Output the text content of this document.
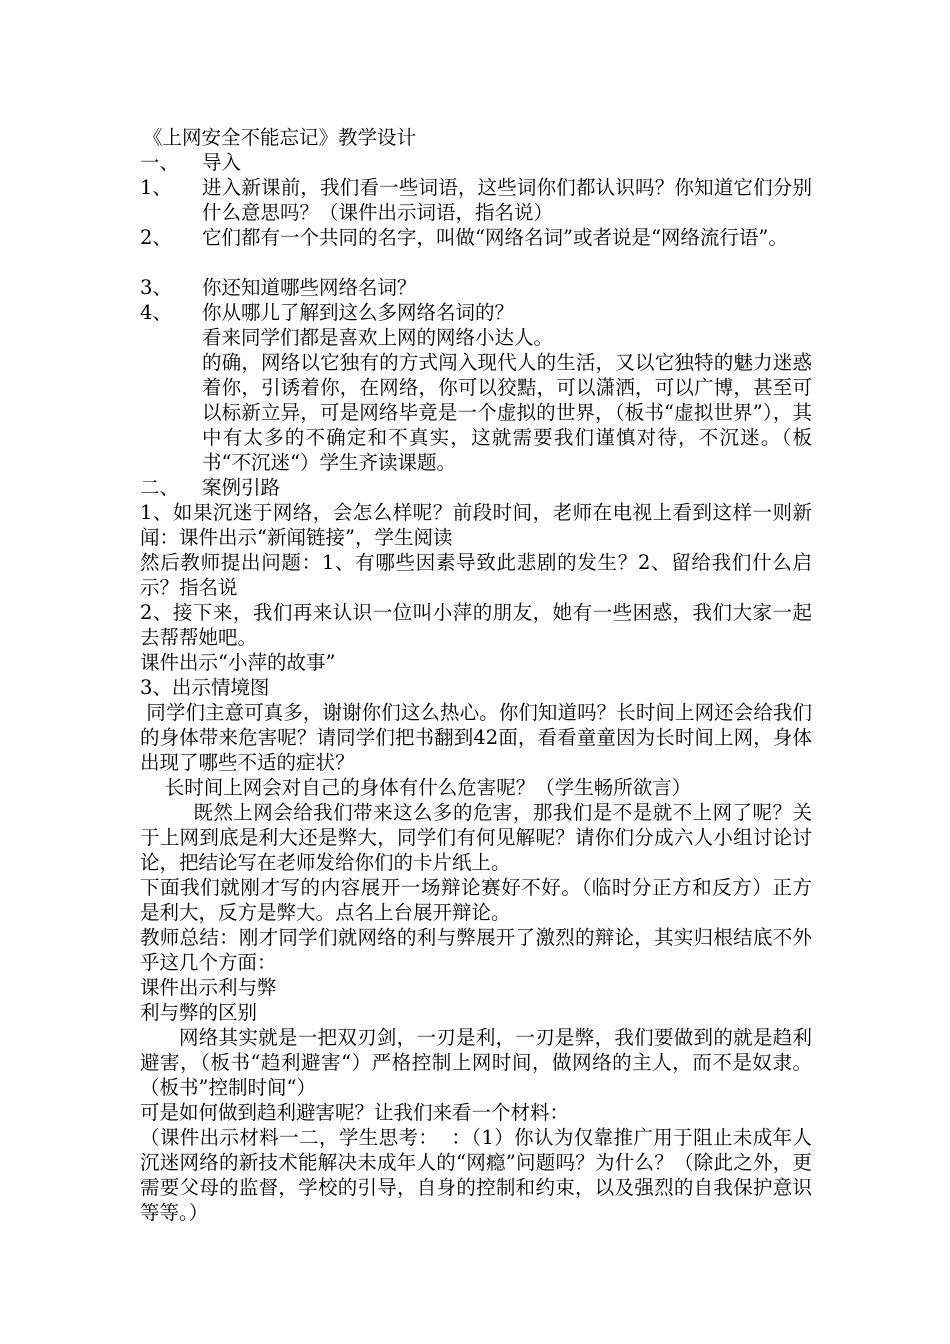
《上网安全不能忘记》教学设计
一、 导入
1、 进入新课前，我们看一些词语，这些词你们都认识吗？你知道它们分别什么意思吗？（课件出示词语，指名说）
2、 它们都有一个共同的名字，叫做“网络名词”或者说是“网络流行语”。
3、 你还知道哪些网络名词？
4、 你从哪儿了解到这么多网络名词的？
看来同学们都是喜欢上网的网络小达人。
的确，网络以它独有的方式闯入现代人的生活，又以它独特的魅力迷惑着你，引诱着你，在网络，你可以狡黠，可以潇洒，可以广博，甚至可以标新立异，可是网络毕竟是一个虚拟的世界，（板书“虚拟世界”），其中有太多的不确定和不真实，这就需要我们谨慎对待，不沉迷。（板书“不沉迷“）学生齐读课题。
二、 案例引路
1、如果沉迷于网络，会怎么样呢？前段时间，老师在电视上看到这样一则新闻：课件出示“新闻链接”，学生阅读
然后教师提出问题：1、有哪些因素导致此悲剧的发生？2、留给我们什么启示？指名说
2、接下来，我们再来认识一位叫小萍的朋友，她有一些困惑，我们大家一起去帮帮她吧。
课件出示“小萍的故事”
3、出示情境图
同学们主意可真多，谢谢你们这么热心。你们知道吗？长时间上网还会给我们的身体带来危害呢？请同学们把书翻到42面，看看童童因为长时间上网，身体出现了哪些不适的症状？
长时间上网会对自己的身体有什么危害呢？（学生畅所欲言）
既然上网会给我们带来这么多的危害，那我们是不是就不上网了呢？关于上网到底是利大还是弊大，同学们有何见解呢？请你们分成六人小组讨论讨论，把结论写在老师发给你们的卡片纸上。
下面我们就刚才写的内容展开一场辩论赛好不好。（临时分正方和反方）正方是利大，反方是弊大。点名上台展开辩论。
教师总结：刚才同学们就网络的利与弊展开了激烈的辩论，其实归根结底不外乎这几个方面：
课件出示利与弊
利与弊的区别
网络其实就是一把双刃剑，一刃是利，一刃是弊，我们要做到的就是趋利避害，（板书“趋利避害“）严格控制上网时间，做网络的主人，而不是奴隶。（板书”控制时间“）
可是如何做到趋利避害呢？让我们来看一个材料：
（课件出示材料一二，学生思考：  ：（1）你认为仅靠推广用于阻止未成年人沉迷网络的新技术能解决未成年人的“网瘾”问题吗？为什么？（除此之外，更需要父母的监督，学校的引导，自身的控制和约束，以及强烈的自我保护意识等等。）
